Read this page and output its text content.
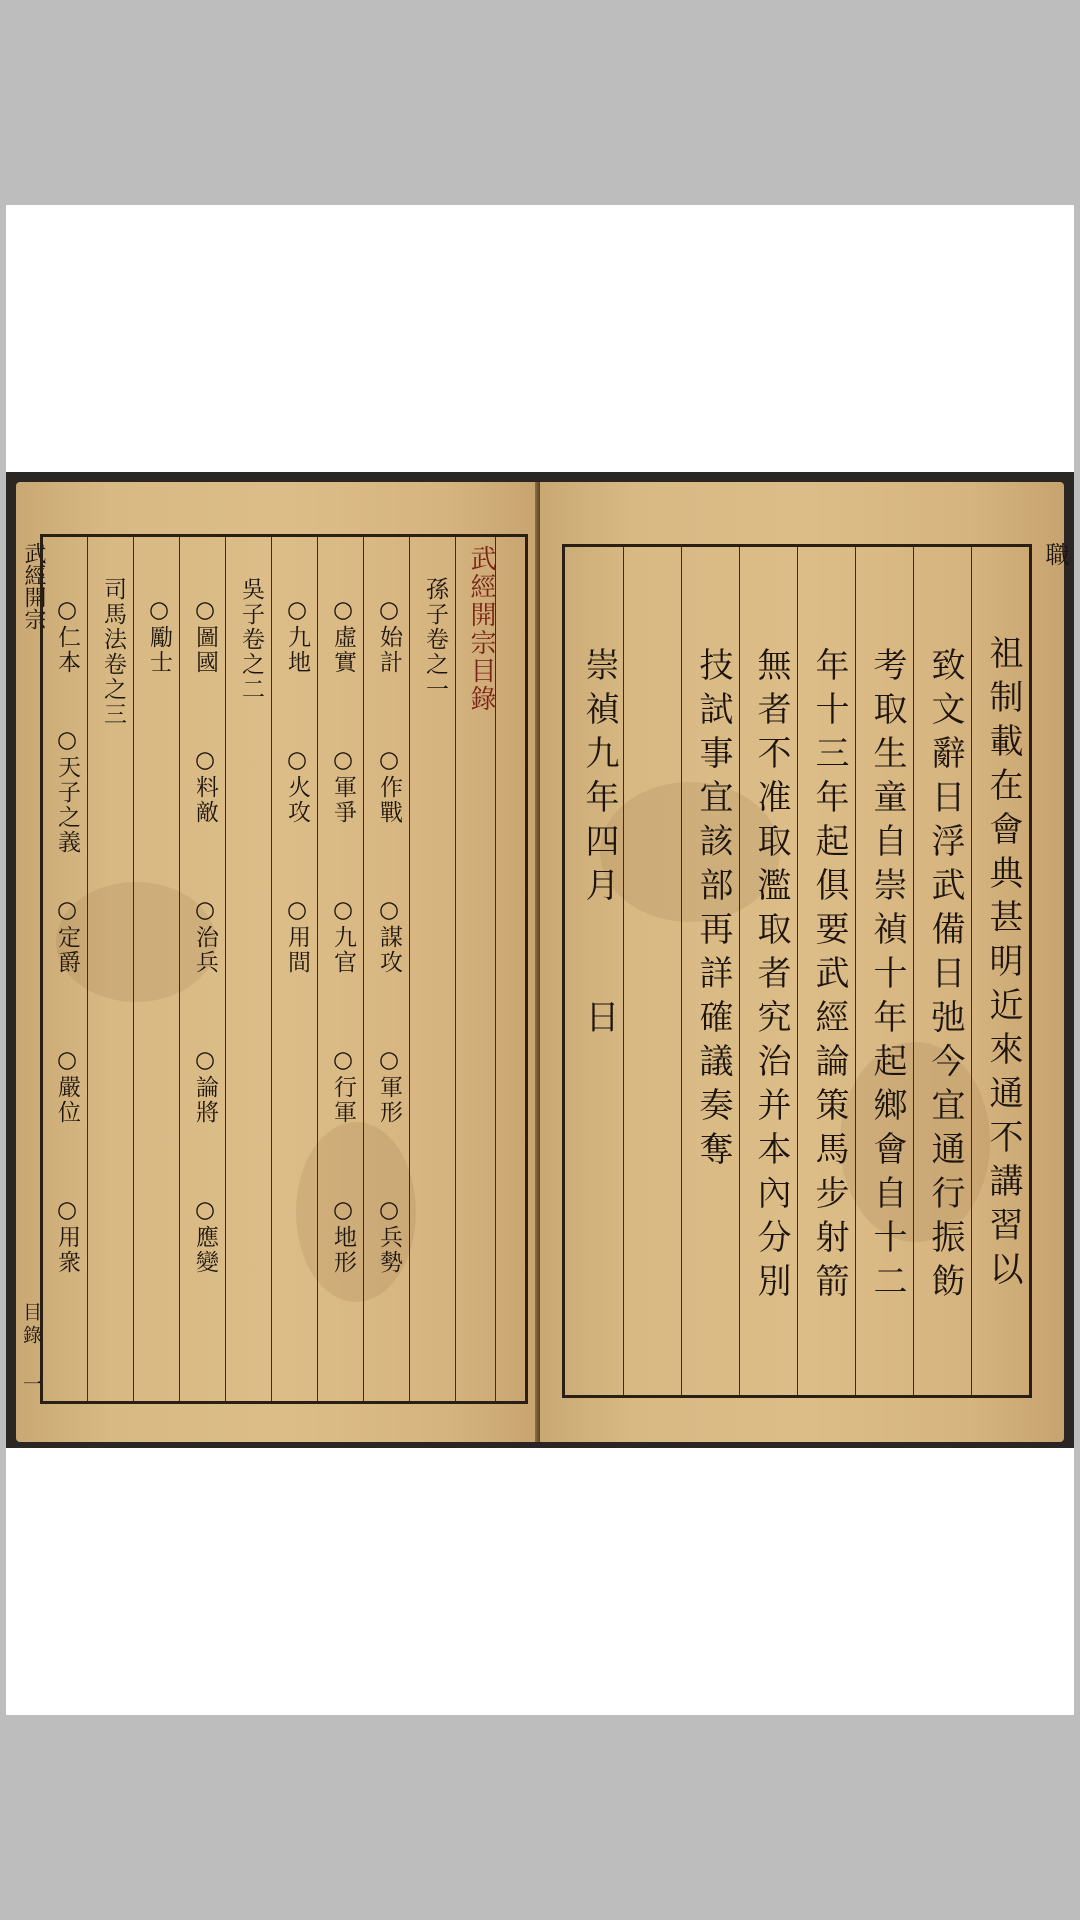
武經開宗	武經開宗目錄
孫子卷之一
○始計
○作戰
○謀攻
○軍形
○兵勢
○虛實
○軍爭
○九官
○行軍
○地形
○九地
○火攻
○用間
吳子卷之二
○圖國
○料敵
○治兵
○論將
○應變
○勵士
司馬法卷之三
○仁本
○天子之義
○定爵
○嚴位
○用衆
目錄 一
職
祖制載在會典甚明近來通不講習以
致文辭日浮武備日弛今宜通行振飭
考取生童自崇禎十年起鄉會自十二
年十三年起俱要武經論策馬步射箭
無者不准取濫取者究治并本內分別
技試事宜該部再詳確議奏奪
崇禎九年四月　　日
